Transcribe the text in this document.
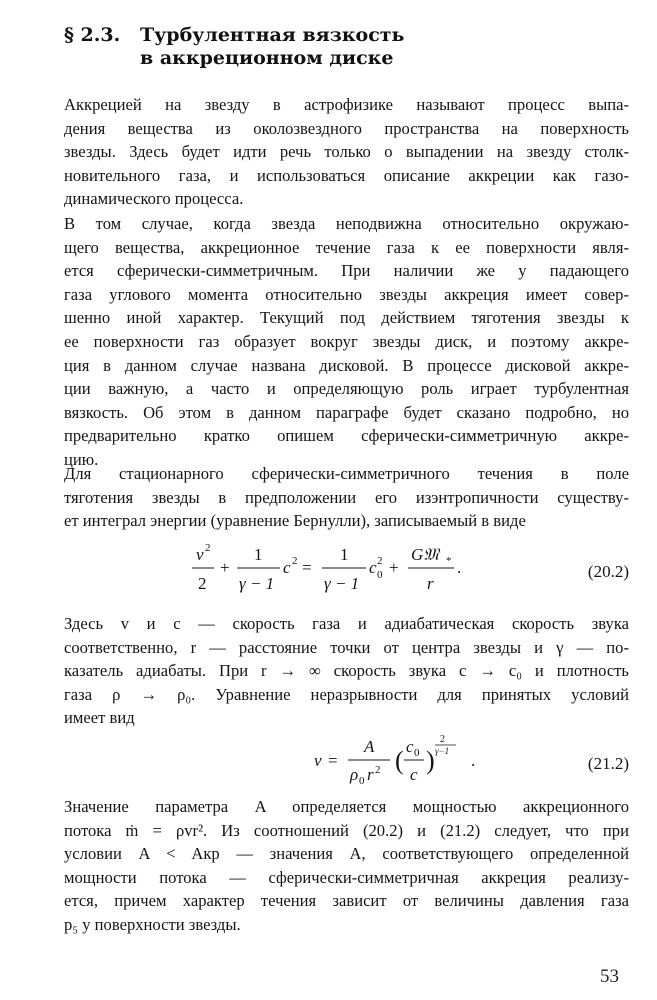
§ 2.3. Турбулентная вязкость
в аккреционном диске
Аккрецией на звезду в астрофизике называют процесс выпа-
дения вещества из околозвездного пространства на поверхность
звезды. Здесь будет идти речь только о выпадении на звезду столк-
новительного газа, и использоваться описание аккреции как газо-
динамического процесса.
В том случае, когда звезда неподвижна относительно окружаю-
щего вещества, аккреционное течение газа к ее поверхности явля-
ется сферически-симметричным. При наличии же у падающего
газа углового момента относительно звезды аккреция имеет совер-
шенно иной характер. Текущий под действием тяготения звезды к
ее поверхности газ образует вокруг звезды диск, и поэтому аккре-
ция в данном случае названа дисковой. В процессе дисковой аккре-
ции важную, а часто и определяющую роль играет турбулентная
вязкость. Об этом в данном параграфе будет сказано подробно, но
предварительно кратко опишем сферически-симметричную аккре-
цию.
Для стационарного сферически-симметричного течения в поле
тяготения звезды в предположении его изэнтропичности существу-
ет интеграл энергии (уравнение Бернулли), записываемый в виде
v 2
2
+
1
γ − 1
c 2 =
1
γ − 1
c 2
0 +
G𝔐 *
r
.	(20.2)
Здесь v и c — скорость газа и адиабатическая скорость звука
соответственно, r — расстояние точки от центра звезды и γ — по-
казатель адиабаты. При r → ∞ скорость звука c → c₀ и плотность
газа ρ → ρ₀. Уравнение неразрывности для принятых условий
имеет вид
v =
A
ρ 0 r 2 ( c 0
c )
2
γ−1 .	(21.2)
Значение параметра A определяется мощностью аккреционного
потока ṁ = ρvr². Из соотношений (20.2) и (21.2) следует, что при
условии A < Aкр — значения A, соответствующего определенной
мощности потока — сферически-симметричная аккреция реализу-
ется, причем характер течения зависит от величины давления газа
p₅ у поверхности звезды.
53
